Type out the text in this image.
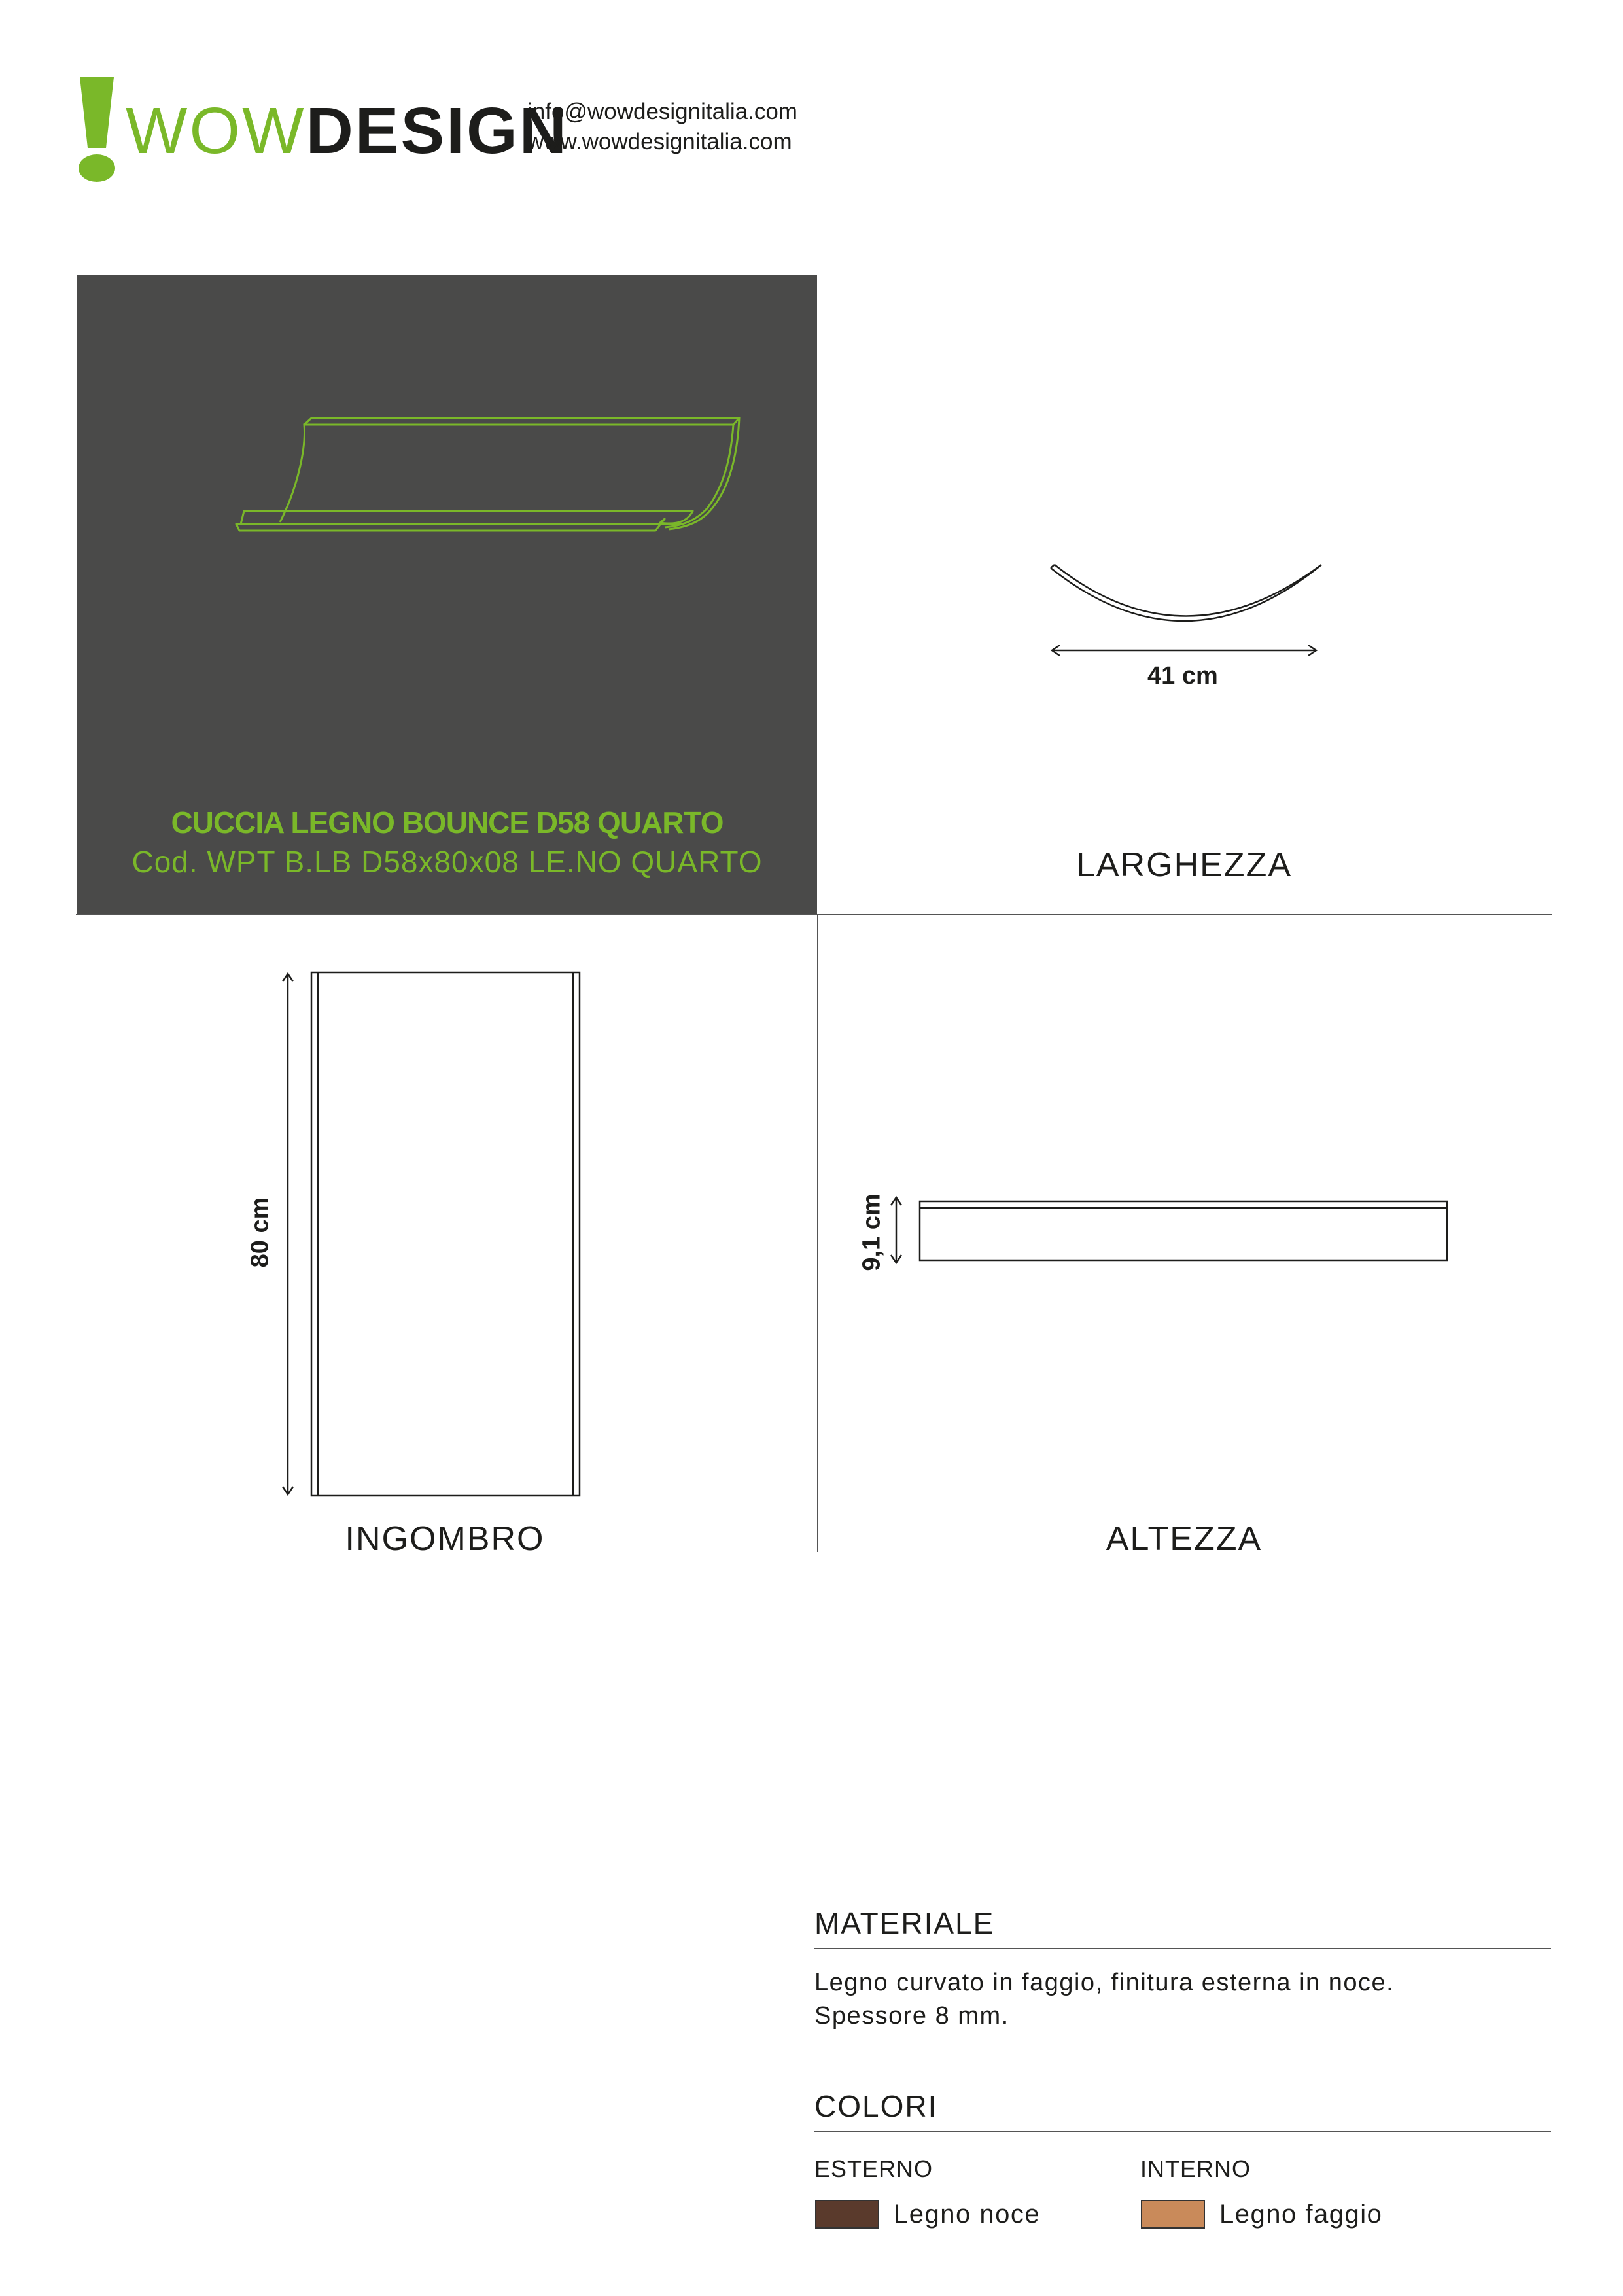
WOWDESIGN
info@wowdesignitalia.com
www.wowdesignitalia.com
CUCCIA LEGNO BOUNCE D58 QUARTO
Cod. WPT B.LB D58x80x08 LE.NO QUARTO
41 cm
LARGHEZZA
80 cm
INGOMBRO
9,1 cm
ALTEZZA
MATERIALE
Legno curvato in faggio, finitura esterna in noce.
Spessore 8 mm.
COLORI
ESTERNO
Legno noce
INTERNO
Legno faggio
